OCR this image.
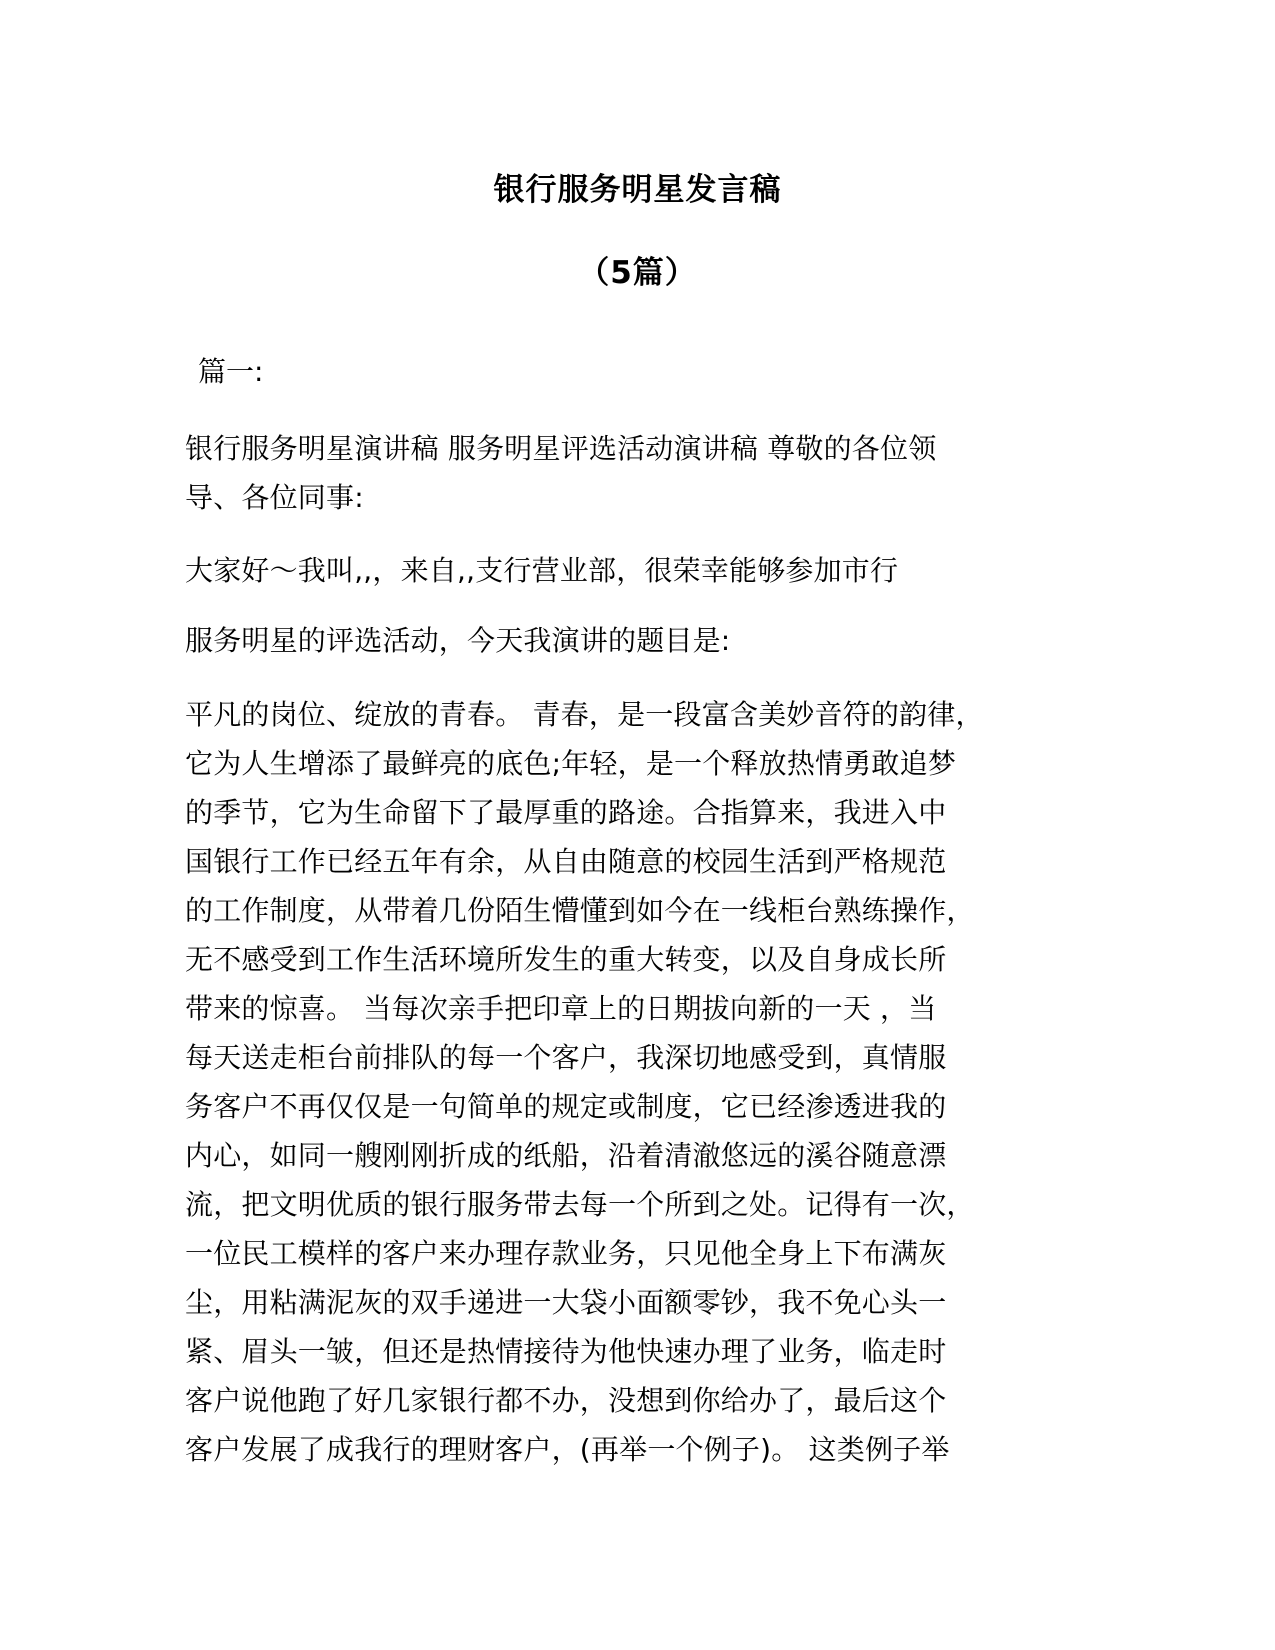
银行服务明星发言稿
（5篇）

篇一:

银行服务明星演讲稿 服务明星评选活动演讲稿 尊敬的各位领
导、各位同事:

大家好～我叫,,，来自,,支行营业部，很荣幸能够参加市行

服务明星的评选活动，今天我演讲的题目是:

平凡的岗位、绽放的青春。 青春，是一段富含美妙音符的韵律，
它为人生增添了最鲜亮的底色;年轻，是一个释放热情勇敢追梦
的季节，它为生命留下了最厚重的路途。合指算来，我进入中
国银行工作已经五年有余，从自由随意的校园生活到严格规范
的工作制度，从带着几份陌生懵懂到如今在一线柜台熟练操作，
无不感受到工作生活环境所发生的重大转变，以及自身成长所
带来的惊喜。 当每次亲手把印章上的日期拔向新的一天 ，当
每天送走柜台前排队的每一个客户，我深切地感受到，真情服
务客户不再仅仅是一句简单的规定或制度，它已经渗透进我的
内心，如同一艘刚刚折成的纸船，沿着清澈悠远的溪谷随意漂
流，把文明优质的银行服务带去每一个所到之处。记得有一次，
一位民工模样的客户来办理存款业务，只见他全身上下布满灰
尘，用粘满泥灰的双手递进一大袋小面额零钞，我不免心头一
紧、眉头一皱，但还是热情接待为他快速办理了业务，临走时
客户说他跑了好几家银行都不办，没想到你给办了，最后这个
客户发展了成我行的理财客户，(再举一个例子)。 这类例子举
